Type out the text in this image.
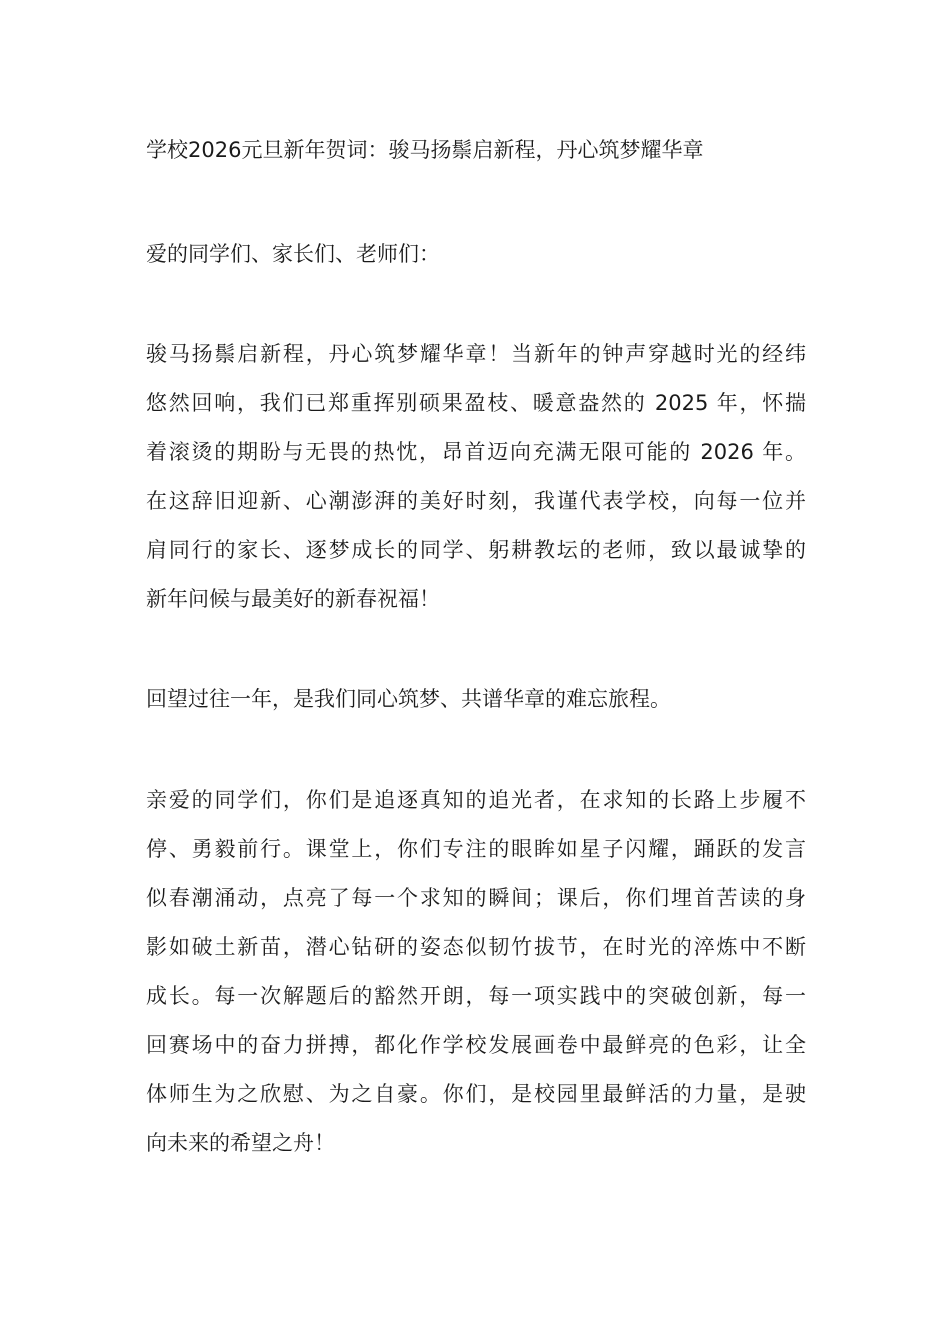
学校2026元旦新年贺词：骏马扬鬃启新程，丹心筑梦耀华章
爱的同学们、家长们、老师们：
骏马扬鬃启新程，丹心筑梦耀华章！当新年的钟声穿越时光的经纬
悠然回响，我们已郑重挥别硕果盈枝、暖意盎然的 2025 年，怀揣
着滚烫的期盼与无畏的热忱，昂首迈向充满无限可能的 2026 年。
在这辞旧迎新、心潮澎湃的美好时刻，我谨代表学校，向每一位并
肩同行的家长、逐梦成长的同学、躬耕教坛的老师，致以最诚挚的
新年问候与最美好的新春祝福！
回望过往一年，是我们同心筑梦、共谱华章的难忘旅程。
亲爱的同学们，你们是追逐真知的追光者，在求知的长路上步履不
停、勇毅前行。课堂上，你们专注的眼眸如星子闪耀，踊跃的发言
似春潮涌动，点亮了每一个求知的瞬间；课后，你们埋首苦读的身
影如破土新苗，潜心钻研的姿态似韧竹拔节，在时光的淬炼中不断
成长。每一次解题后的豁然开朗，每一项实践中的突破创新，每一
回赛场中的奋力拼搏，都化作学校发展画卷中最鲜亮的色彩，让全
体师生为之欣慰、为之自豪。你们，是校园里最鲜活的力量，是驶
向未来的希望之舟！
